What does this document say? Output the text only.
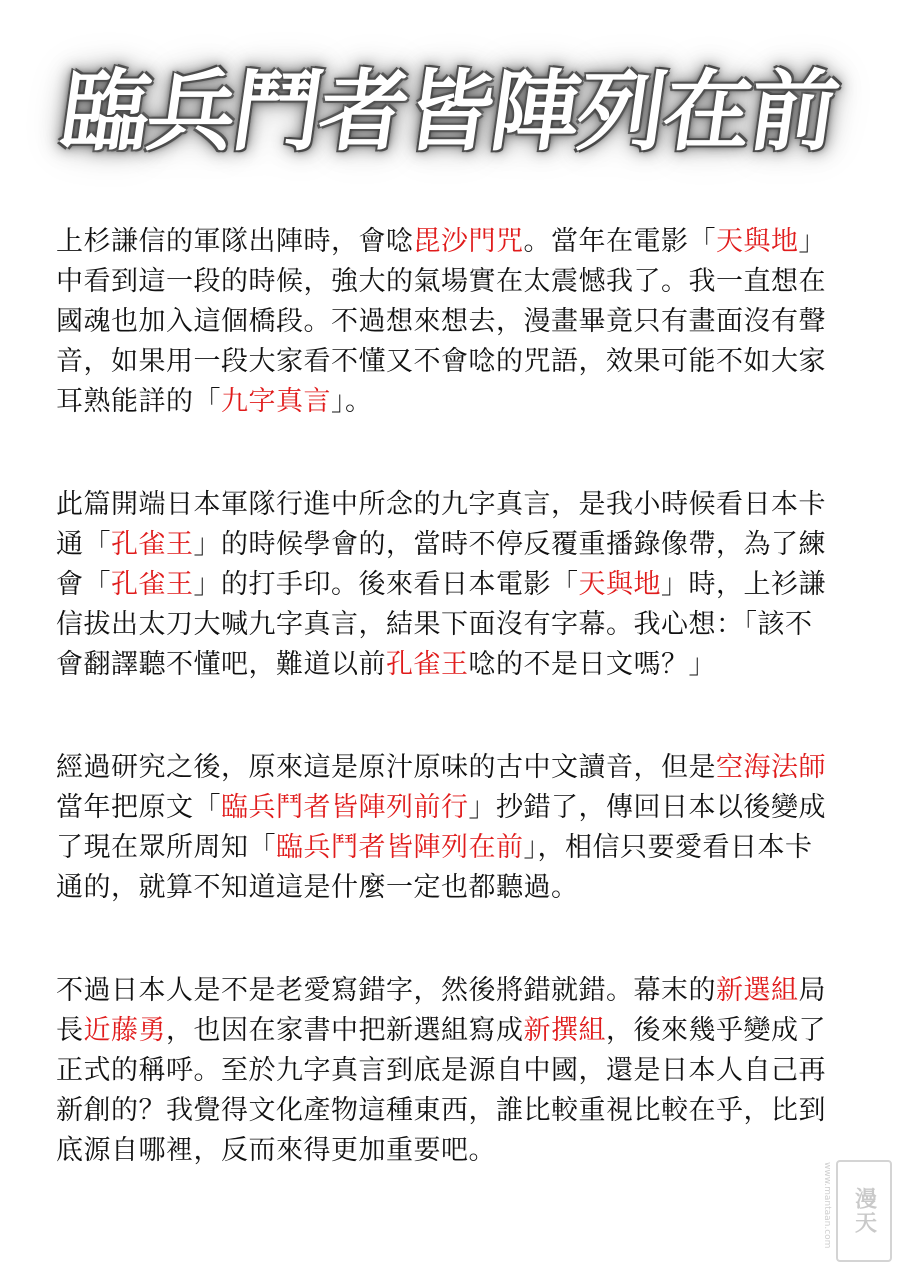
臨兵鬥者皆陣列在前
上杉謙信的軍隊出陣時，會唸毘沙門咒。當年在電影「天與地」
中看到這一段的時候，強大的氣場實在太震憾我了。我一直想在
國魂也加入這個橋段。不過想來想去，漫畫畢竟只有畫面沒有聲
音，如果用一段大家看不懂又不會唸的咒語，效果可能不如大家
耳熟能詳的「九字真言」。
此篇開端日本軍隊行進中所念的九字真言，是我小時候看日本卡
通「孔雀王」的時候學會的，當時不停反覆重播錄像帶，為了練
會「孔雀王」的打手印。後來看日本電影「天與地」時，上衫謙
信拔出太刀大喊九字真言，結果下面沒有字幕。我心想：「該不
會翻譯聽不懂吧，難道以前孔雀王唸的不是日文嗎？」
經過研究之後，原來這是原汁原味的古中文讀音，但是空海法師
當年把原文「臨兵鬥者皆陣列前行」抄錯了，傳回日本以後變成
了現在眾所周知「臨兵鬥者皆陣列在前」，相信只要愛看日本卡
通的，就算不知道這是什麼一定也都聽過。
不過日本人是不是老愛寫錯字，然後將錯就錯。幕末的新選組局
長近藤勇，也因在家書中把新選組寫成新撰組，後來幾乎變成了
正式的稱呼。至於九字真言到底是源自中國，還是日本人自己再
新創的？我覺得文化產物這種東西，誰比較重視比較在乎，比到
底源自哪裡，反而來得更加重要吧。
www.mantaan.com 漫天
